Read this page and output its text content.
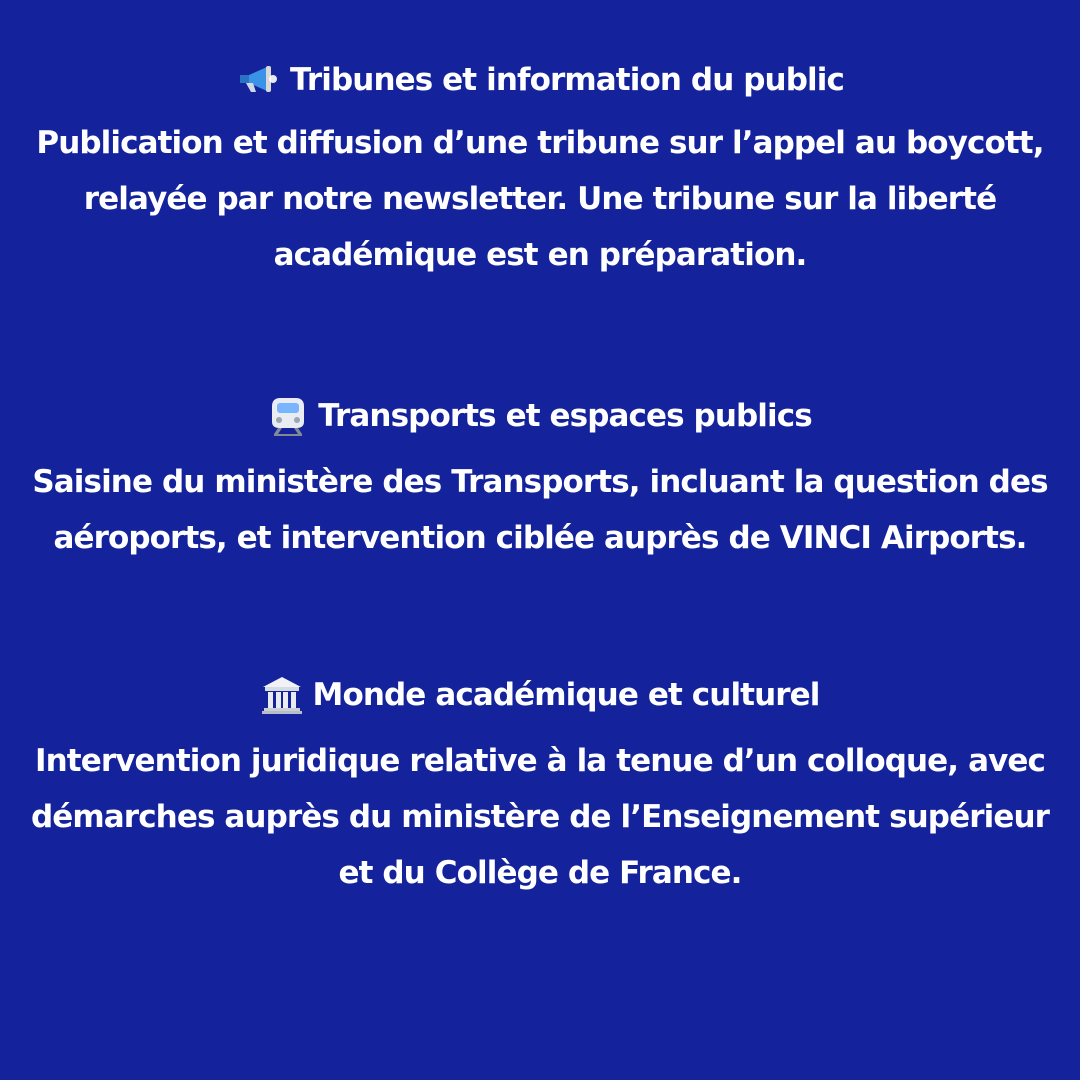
Tribunes et information du public
Publication et diffusion d’une tribune sur l’appel au boycott,
relayée par notre newsletter. Une tribune sur la liberté
académique est en préparation.
Transports et espaces publics
Saisine du ministère des Transports, incluant la question des
aéroports, et intervention ciblée auprès de VINCI Airports.
Monde académique et culturel
Intervention juridique relative à la tenue d’un colloque, avec
démarches auprès du ministère de l’Enseignement supérieur
et du Collège de France.
